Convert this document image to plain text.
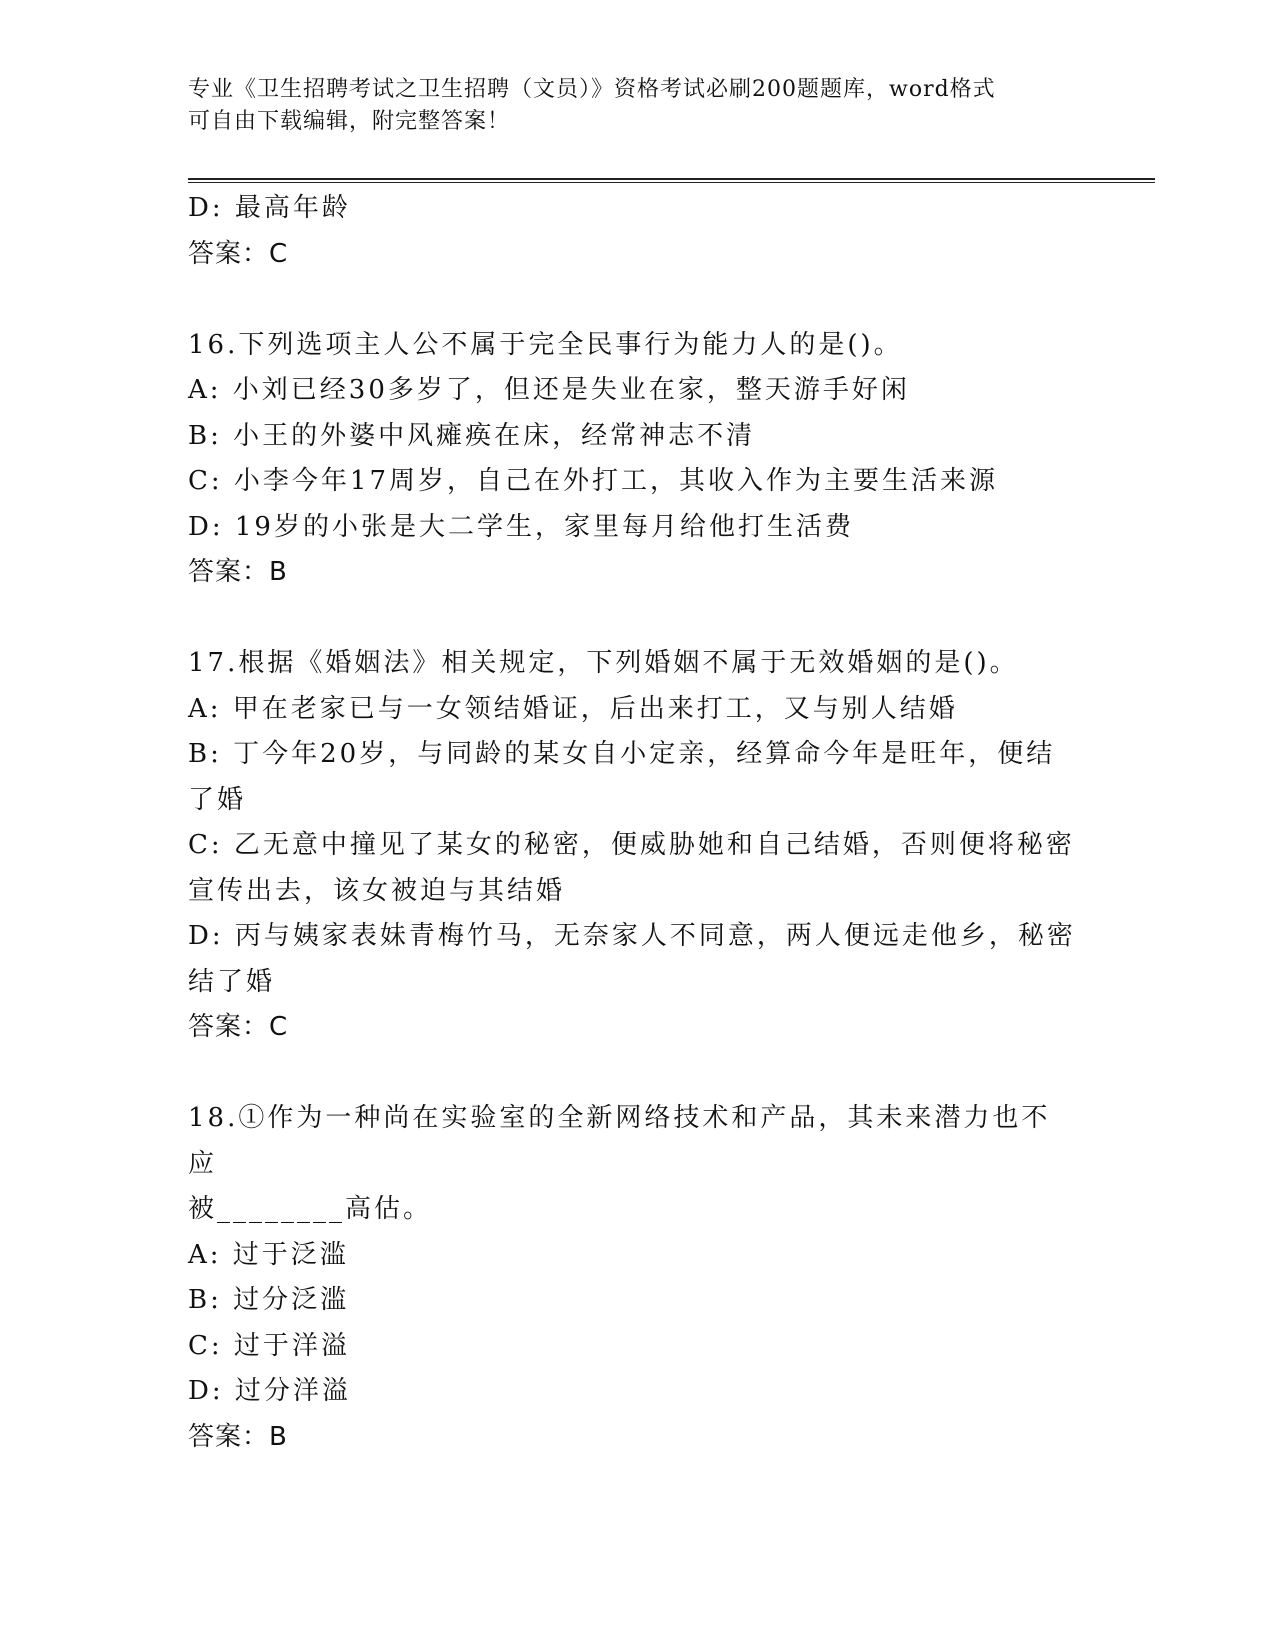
专业《卫生招聘考试之卫生招聘（文员）》资格考试必刷200题题库，word格式
可自由下载编辑，附完整答案！
D: 最高年龄
答案：C
16.下列选项主人公不属于完全民事行为能力人的是()。
A: 小刘已经30多岁了，但还是失业在家，整天游手好闲
B: 小王的外婆中风瘫痪在床，经常神志不清
C: 小李今年17周岁，自己在外打工，其收入作为主要生活来源
D: 19岁的小张是大二学生，家里每月给他打生活费
答案：B
17.根据《婚姻法》相关规定，下列婚姻不属于无效婚姻的是()。
A: 甲在老家已与一女领结婚证，后出来打工，又与别人结婚
B: 丁今年20岁，与同龄的某女自小定亲，经算命今年是旺年，便结
了婚
C: 乙无意中撞见了某女的秘密，便威胁她和自己结婚，否则便将秘密
宣传出去，该女被迫与其结婚
D: 丙与姨家表妹青梅竹马，无奈家人不同意，两人便远走他乡，秘密
结了婚
答案：C
18.①作为一种尚在实验室的全新网络技术和产品，其未来潜力也不应
被________高估。
A: 过于泛滥
B: 过分泛滥
C: 过于洋溢
D: 过分洋溢
答案：B
